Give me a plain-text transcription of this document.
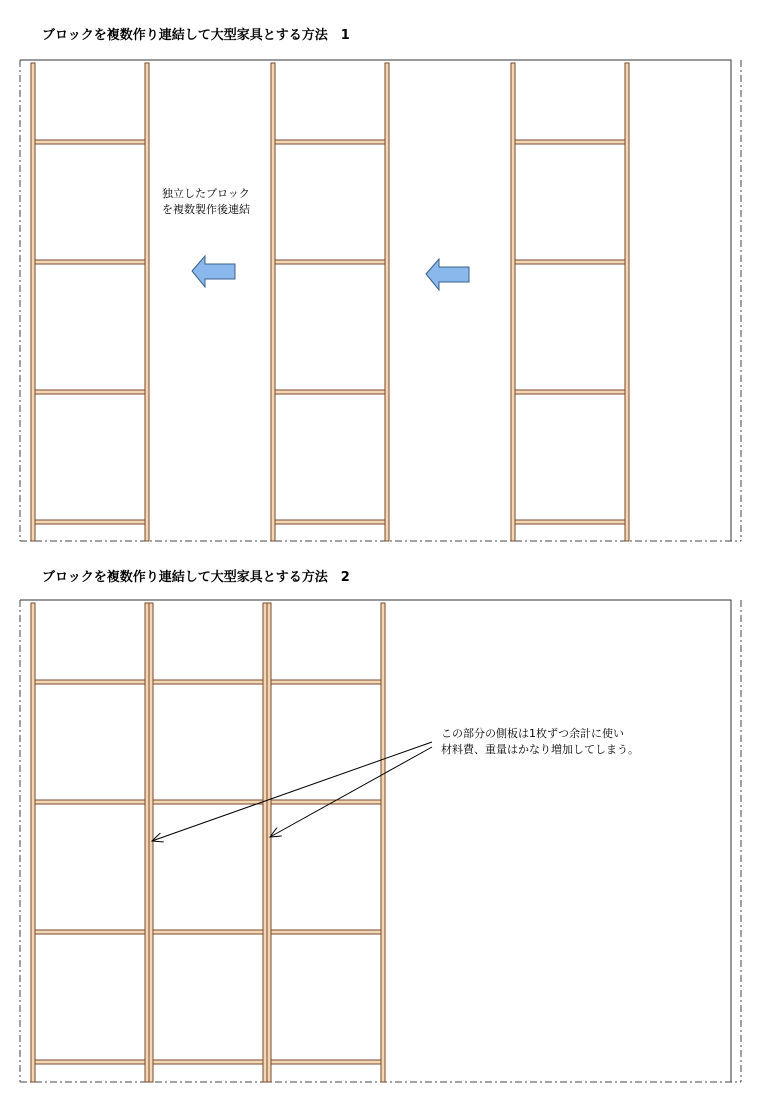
ブロックを複数作り連結して大型家具とする方法　1
ブロックを複数作り連結して大型家具とする方法　2
独立したブロック
を複数製作後連結
この部分の側板は1枚ずつ余計に使い
材料費、重量はかなり増加してしまう。
